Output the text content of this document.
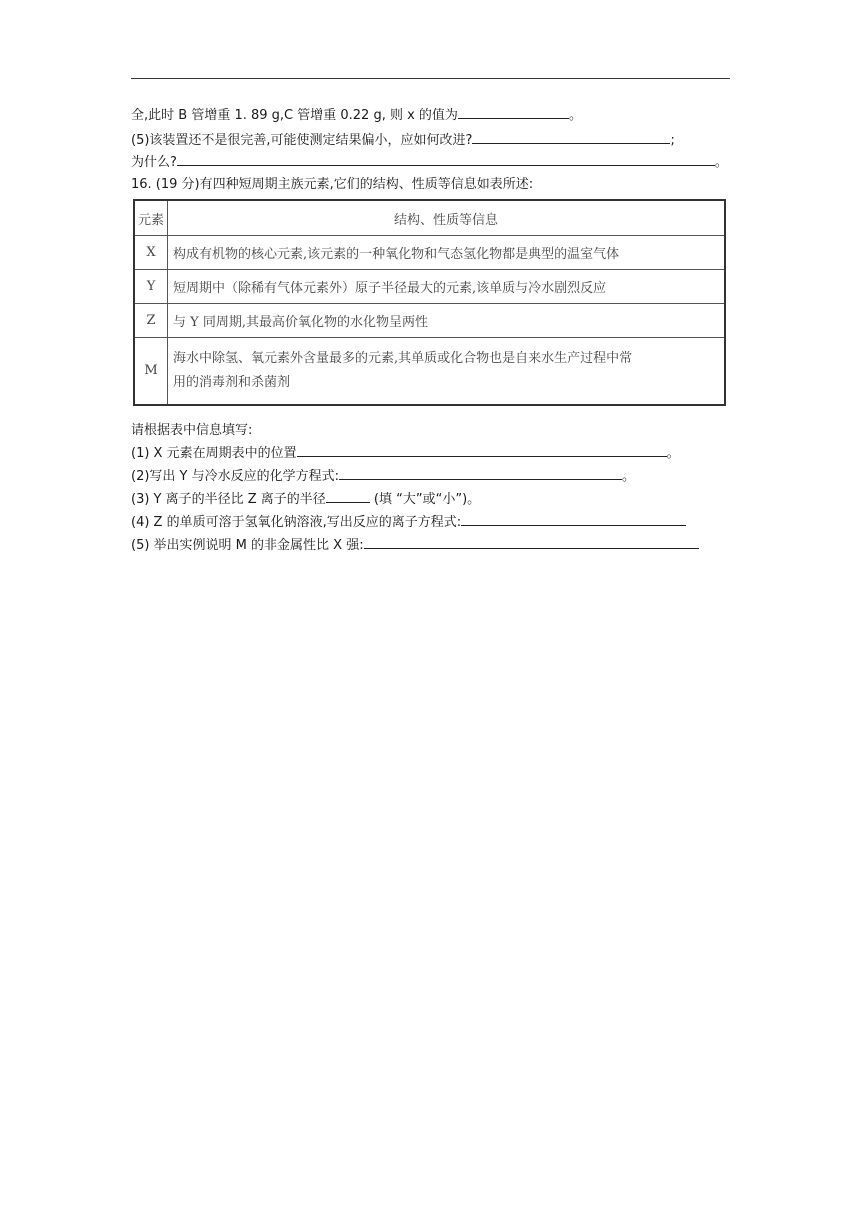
全,此时 B 管增重 1. 89 g,C 管增重 0.22 g, 则 x 的值为	。
(5)该装置还不是很完善,可能使测定结果偏小，应如何改进?	;
为什么?	。
16. (19 分)有四种短周期主族元素,它们的结构、性质等信息如表所述:
元素	结构、性质等信息
X	构成有机物的核心元素,该元素的一种氧化物和气态氢化物都是典型的温室气体
Y	短周期中（除稀有气体元素外）原子半径最大的元素,该单质与冷水剧烈反应
Z	与 Y 同周期,其最高价氧化物的水化物呈两性
M	海水中除氢、氧元素外含量最多的元素,其单质或化合物也是自来水生产过程中常
用的消毒剂和杀菌剂
请根据表中信息填写:
(1) X 元素在周期表中的位置	。
(2)写出 Y 与冷水反应的化学方程式:	。
(3) Y 离子的半径比 Z 离子的半径	(填 “大”或“小”)。
(4) Z 的单质可溶于氢氧化钠溶液,写出反应的离子方程式:
(5) 举出实例说明 M 的非金属性比 X 强:
